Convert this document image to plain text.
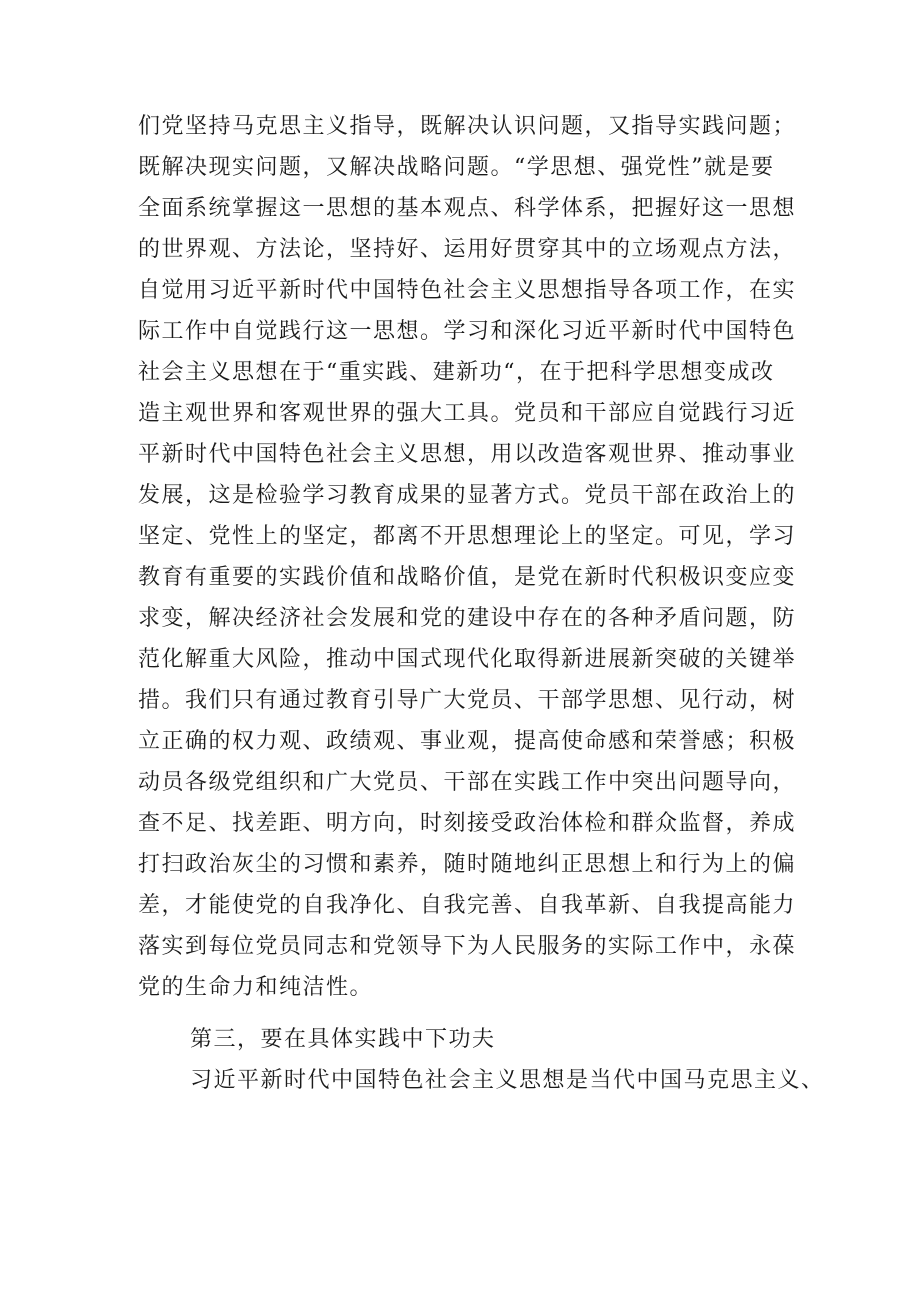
们党坚持马克思主义指导，既解决认识问题，又指导实践问题；
既解决现实问题，又解决战略问题。“学思想、强党性”就是要
全面系统掌握这一思想的基本观点、科学体系，把握好这一思想
的世界观、方法论，坚持好、运用好贯穿其中的立场观点方法，
自觉用习近平新时代中国特色社会主义思想指导各项工作，在实
际工作中自觉践行这一思想。学习和深化习近平新时代中国特色
社会主义思想在于“重实践、建新功“，在于把科学思想变成改
造主观世界和客观世界的强大工具。党员和干部应自觉践行习近
平新时代中国特色社会主义思想，用以改造客观世界、推动事业
发展，这是检验学习教育成果的显著方式。党员干部在政治上的
坚定、党性上的坚定，都离不开思想理论上的坚定。可见，学习
教育有重要的实践价值和战略价值，是党在新时代积极识变应变
求变，解决经济社会发展和党的建设中存在的各种矛盾问题，防
范化解重大风险，推动中国式现代化取得新进展新突破的关键举
措。我们只有通过教育引导广大党员、干部学思想、见行动，树
立正确的权力观、政绩观、事业观，提高使命感和荣誉感；积极
动员各级党组织和广大党员、干部在实践工作中突出问题导向，
查不足、找差距、明方向，时刻接受政治体检和群众监督，养成
打扫政治灰尘的习惯和素养，随时随地纠正思想上和行为上的偏
差，才能使党的自我净化、自我完善、自我革新、自我提高能力
落实到每位党员同志和党领导下为人民服务的实际工作中，永葆
党的生命力和纯洁性。
第三，要在具体实践中下功夫
习近平新时代中国特色社会主义思想是当代中国马克思主义、
